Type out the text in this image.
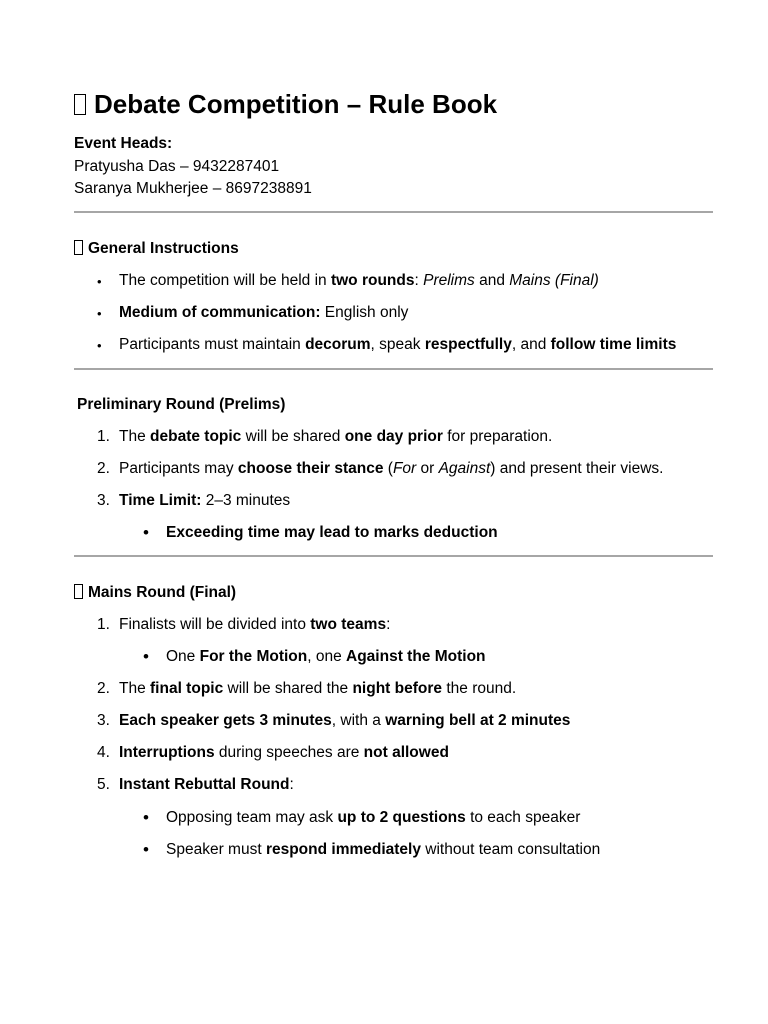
Debate Competition – Rule Book
Event Heads:
Pratyusha Das – 9432287401
Saranya Mukherjee – 8697238891
General Instructions
• The competition will be held in two rounds: Prelims and Mains (Final)
• Medium of communication: English only
• Participants must maintain decorum, speak respectfully, and follow time limits
Preliminary Round (Prelims)
1. The debate topic will be shared one day prior for preparation.
2. Participants may choose their stance (For or Against) and present their views.
3. Time Limit: 2–3 minutes
• Exceeding time may lead to marks deduction
Mains Round (Final)
1. Finalists will be divided into two teams:
• One For the Motion, one Against the Motion
2. The final topic will be shared the night before the round.
3. Each speaker gets 3 minutes, with a warning bell at 2 minutes
4. Interruptions during speeches are not allowed
5. Instant Rebuttal Round:
• Opposing team may ask up to 2 questions to each speaker
• Speaker must respond immediately without team consultation
